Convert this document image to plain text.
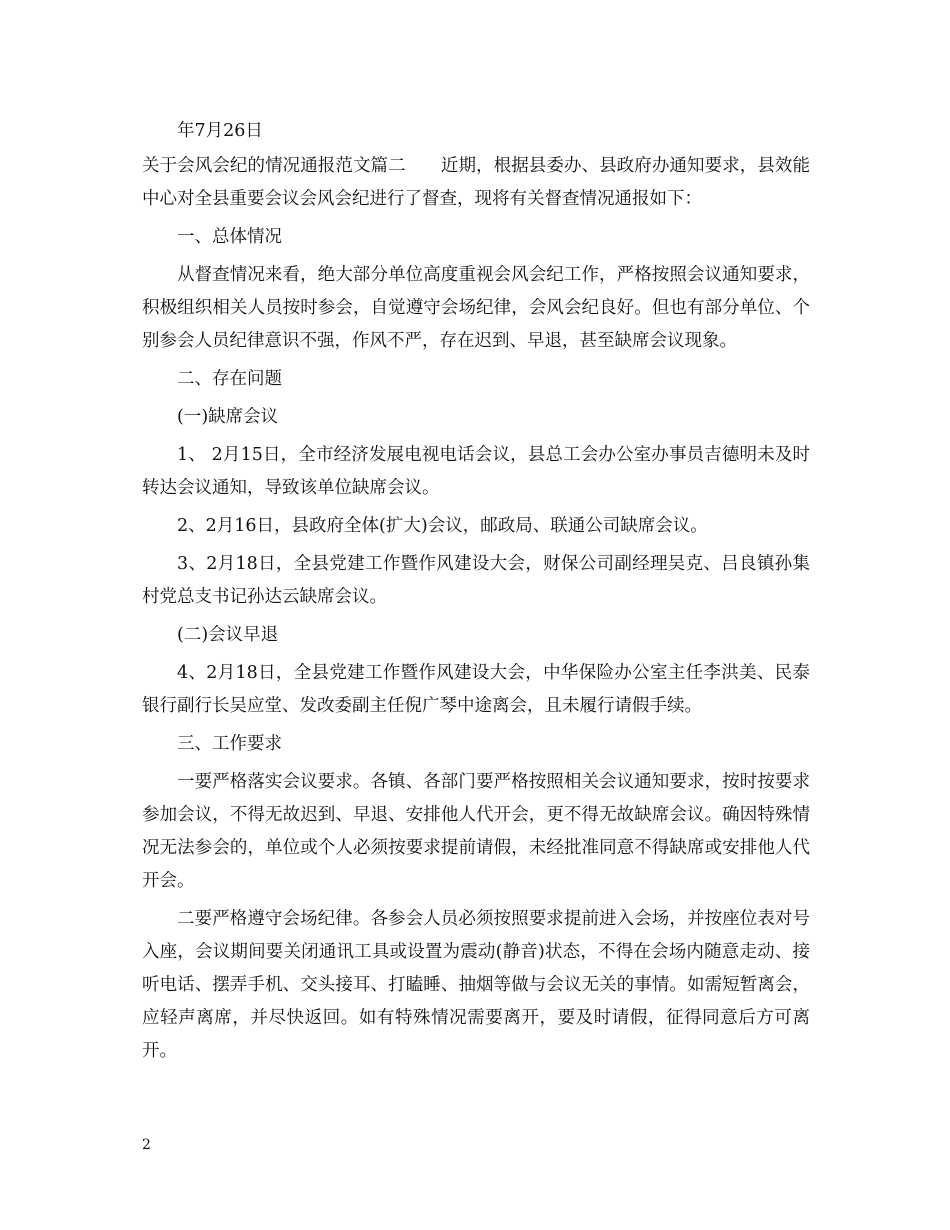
年7月26日

关于会风会纪的情况通报范文篇二　　近期，根据县委办、县政府办通知要求，县效能中心对全县重要会议会风会纪进行了督查，现将有关督查情况通报如下：

一、总体情况

从督查情况来看，绝大部分单位高度重视会风会纪工作，严格按照会议通知要求，积极组织相关人员按时参会，自觉遵守会场纪律，会风会纪良好。但也有部分单位、个别参会人员纪律意识不强，作风不严，存在迟到、早退，甚至缺席会议现象。

二、存在问题

(一)缺席会议

1、 2月15日，全市经济发展电视电话会议，县总工会办公室办事员吉德明未及时转达会议通知，导致该单位缺席会议。

2、2月16日，县政府全体(扩大)会议，邮政局、联通公司缺席会议。

3、2月18日，全县党建工作暨作风建设大会，财保公司副经理吴克、吕良镇孙集村党总支书记孙达云缺席会议。

(二)会议早退

4、2月18日，全县党建工作暨作风建设大会，中华保险办公室主任李洪美、民泰银行副行长吴应堂、发改委副主任倪广琴中途离会，且未履行请假手续。

三、工作要求

一要严格落实会议要求。各镇、各部门要严格按照相关会议通知要求，按时按要求参加会议，不得无故迟到、早退、安排他人代开会，更不得无故缺席会议。确因特殊情况无法参会的，单位或个人必须按要求提前请假，未经批准同意不得缺席或安排他人代开会。

二要严格遵守会场纪律。各参会人员必须按照要求提前进入会场，并按座位表对号入座，会议期间要关闭通讯工具或设置为震动(静音)状态，不得在会场内随意走动、接听电话、摆弄手机、交头接耳、打瞌睡、抽烟等做与会议无关的事情。如需短暂离会，应轻声离席，并尽快返回。如有特殊情况需要离开，要及时请假，征得同意后方可离开。

2
